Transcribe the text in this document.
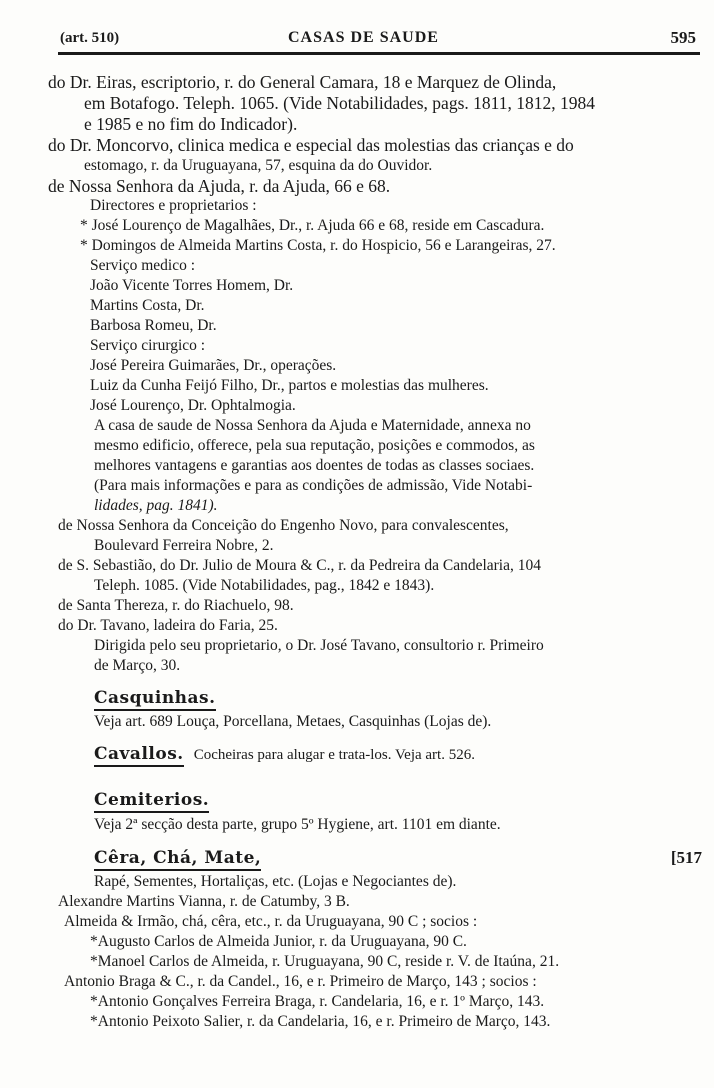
(art. 510)	CASAS DE SAUDE	595
do Dr. Eiras, escriptorio, r. do General Camara, 18 e Marquez de Olinda,
em Botafogo. Teleph. 1065. (Vide Notabilidades, pags. 1811, 1812, 1984
e 1985 e no fim do Indicador).
do Dr. Moncorvo, clinica medica e especial das molestias das crianças e do
estomago, r. da Uruguayana, 57, esquina da do Ouvidor.
de Nossa Senhora da Ajuda, r. da Ajuda, 66 e 68.
Directores e proprietarios :
* José Lourenço de Magalhães, Dr., r. Ajuda 66 e 68, reside em Cascadura.
* Domingos de Almeida Martins Costa, r. do Hospicio, 56 e Larangeiras, 27.
Serviço medico :
João Vicente Torres Homem, Dr.
Martins Costa, Dr.
Barbosa Romeu, Dr.
Serviço cirurgico :
José Pereira Guimarães, Dr., operações.
Luiz da Cunha Feijó Filho, Dr., partos e molestias das mulheres.
José Lourenço, Dr. Ophtalmogia.
A casa de saude de Nossa Senhora da Ajuda e Maternidade, annexa no
mesmo edificio, offerece, pela sua reputação, posições e commodos, as
melhores vantagens e garantias aos doentes de todas as classes sociaes.
(Para mais informações e para as condições de admissão, Vide Notabi-
lidades, pag. 1841).
de Nossa Senhora da Conceição do Engenho Novo, para convalescentes,
Boulevard Ferreira Nobre, 2.
de S. Sebastião, do Dr. Julio de Moura & C., r. da Pedreira da Candelaria, 104
Teleph. 1085. (Vide Notabilidades, pag., 1842 e 1843).
de Santa Thereza, r. do Riachuelo, 98.
do Dr. Tavano, ladeira do Faria, 25.
Dirigida pelo seu proprietario, o Dr. José Tavano, consultorio r. Primeiro
de Março, 30.
Casquinhas.
Veja art. 689 Louça, Porcellana, Metaes, Casquinhas (Lojas de).
Cavallos. Cocheiras para alugar e trata-los. Veja art. 526.
Cemiterios.
Veja 2ª secção desta parte, grupo 5º Hygiene, art. 1101 em diante.
Cêra, Chá, Mate,	[517
Rapé, Sementes, Hortaliças, etc. (Lojas e Negociantes de).
Alexandre Martins Vianna, r. de Catumby, 3 B.
Almeida & Irmão, chá, cêra, etc., r. da Uruguayana, 90 C ; socios :
*Augusto Carlos de Almeida Junior, r. da Uruguayana, 90 C.
*Manoel Carlos de Almeida, r. Uruguayana, 90 C, reside r. V. de Itaúna, 21.
Antonio Braga & C., r. da Candel., 16, e r. Primeiro de Março, 143 ; socios :
*Antonio Gonçalves Ferreira Braga, r. Candelaria, 16, e r. 1º Março, 143.
*Antonio Peixoto Salier, r. da Candelaria, 16, e r. Primeiro de Março, 143.
